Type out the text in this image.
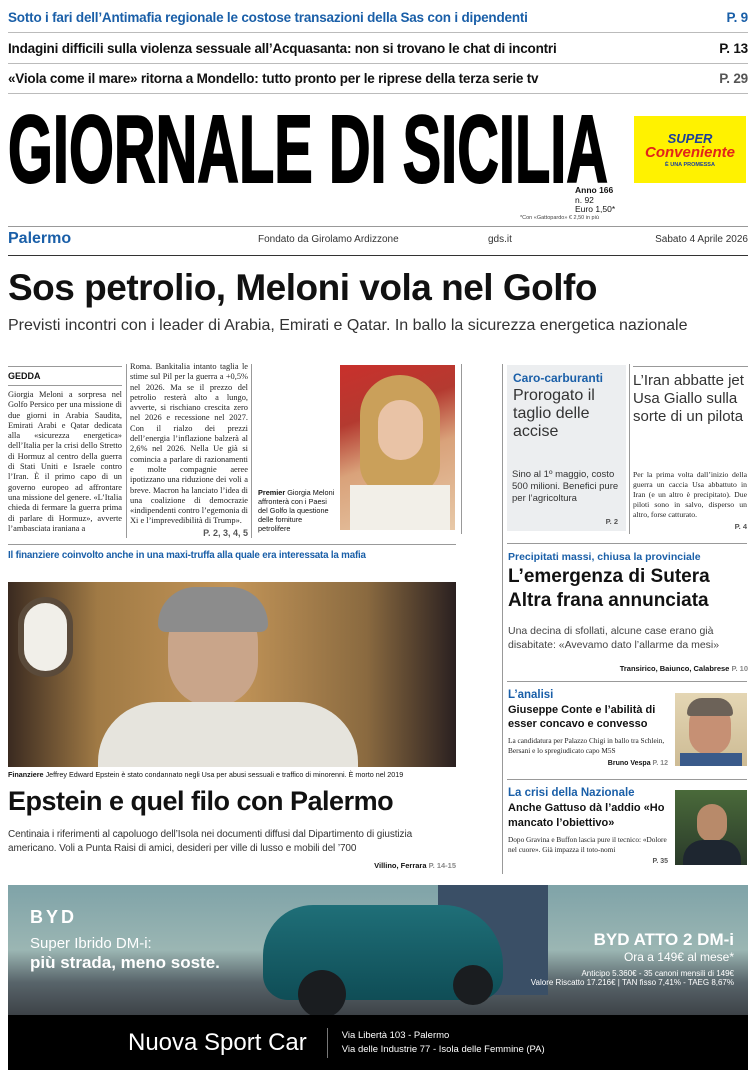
Sotto i fari dell’Antimafia regionale le costose transazioni della Sas con i dipendenti	P. 9
Indagini difficili sulla violenza sessuale all’Acquasanta: non si trovano le chat di incontri	P. 13
«Viola come il mare» ritorna a Mondello: tutto pronto per le riprese della terza serie tv	P. 29
GIORNALE DI SICILIA	SUPER
Conveniente
È UNA PROMESSA
Anno 166
n. 92
Euro 1,50*
*Con «Gattopardo» € 2,50 in più
Palermo	Fondato da Girolamo Ardizzone	gds.it	Sabato 4 Aprile 2026
Sos petrolio, Meloni vola nel Golfo
Previsti incontri con i leader di Arabia, Emirati e Qatar. In ballo la sicurezza energetica nazionale
GEDDA
Giorgia Meloni a sorpresa nel Golfo Persico per una missione di due giorni in Arabia Saudita, Emirati Arabi e Qatar dedicata alla «sicurezza energetica» dell’Italia per la crisi dello Stretto di Hormuz al centro della guerra di Stati Uniti e Israele contro l’Iran. È il primo capo di un governo europeo ad affrontare una missione del genere. «L’Italia chieda di fermare la guerra prima di parlare di Hormuz», avverte l’ambasciata iraniana a
Roma. Bankitalia intanto taglia le stime sul Pil per la guerra a +0,5% nel 2026. Ma se il prezzo del petrolio resterà alto a lungo, avverte, si rischiano crescita zero nel 2026 e recessione nel 2027. Con il rialzo dei prezzi dell’energia l’inflazione balzerà al 2,6% nel 2026. Nella Ue già si comincia a parlare di razionamenti e molte compagnie aeree ipotizzano una riduzione dei voli a breve. Macron ha lanciato l’idea di una coalizione di democrazie «indipendenti contro l’egemonia di Xi e l’imprevedibilità di Trump».
P. 2, 3, 4, 5
Premier Giorgia Meloni affronterà con i Paesi del Golfo la questione delle forniture petrolifere
Caro-carburanti
Prorogato il taglio delle accise
Sino al 1º maggio, costo 500 milioni. Benefici pure per l’agricoltura
P. 2
L’Iran abbatte jet Usa Giallo sulla sorte di un pilota
Per la prima volta dall’inizio della guerra un caccia Usa abbattuto in Iran (e un altro è precipitato). Due piloti sono in salvo, disperso un altro, forse catturato.
P. 4
Il finanziere coinvolto anche in una maxi-truffa alla quale era interessata la mafia
Finanziere Jeffrey Edward Epstein è stato condannato negli Usa per abusi sessuali e traffico di minorenni. È morto nel 2019
Epstein e quel filo con Palermo
Centinaia i riferimenti al capoluogo dell’Isola nei documenti diffusi dal Dipartimento di giustizia americano. Voli a Punta Raisi di amici, desideri per ville di lusso e mobili del ’700
Villino, Ferrara P. 14-15
Precipitati massi, chiusa la provinciale
L’emergenza di Sutera Altra frana annunciata
Una decina di sfollati, alcune case erano già disabitate: «Avevamo dato l’allarme da mesi»
Transirico, Baiunco, Calabrese P. 10
L’analisi
Giuseppe Conte e l’abilità di esser concavo e convesso
La candidatura per Palazzo Chigi in ballo tra Schlein, Bersani e lo spregiudicato capo M5S
Bruno Vespa P. 12
La crisi della Nazionale
Anche Gattuso dà l’addio «Ho mancato l’obiettivo»
Dopo Gravina e Buffon lascia pure il tecnico: «Dolore nel cuore». Già impazza il toto-nomi
P. 35
BYD
Super Ibrido DM-i:
più strada, meno soste.
BYD ATTO 2 DM-i
Ora a 149€ al mese*
Anticipo 5.360€ - 35 canoni mensili di 149€
Valore Riscatto 17.216€ | TAN fisso 7,41% - TAEG 8,67%
Nuova Sport Car	Via Libertà 103 - Palermo
Via delle Industrie 77 - Isola delle Femmine (PA)
